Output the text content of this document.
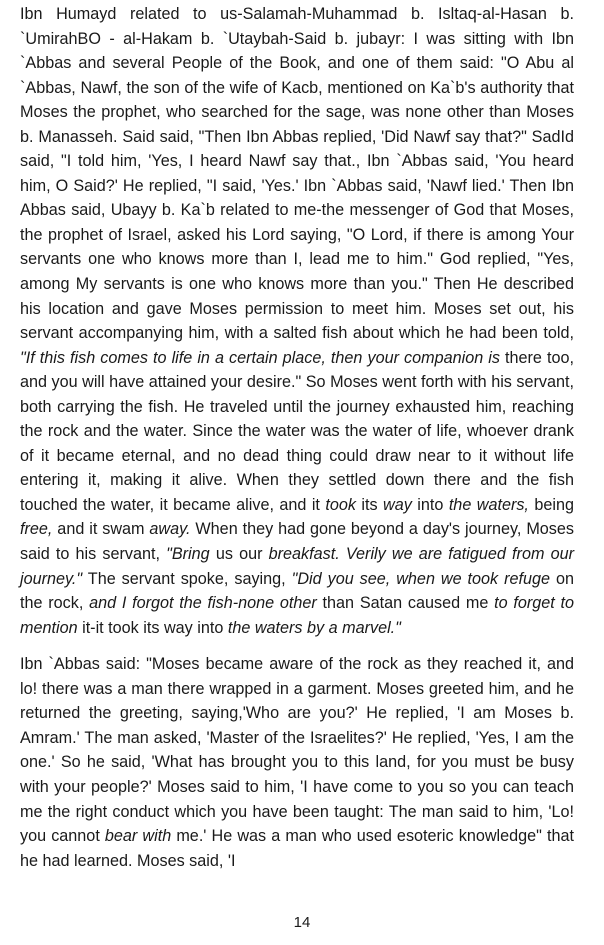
Ibn Humayd related to us-Salamah-Muhammad b. Isltaq-al-Hasan b. `UmirahBO - al-Hakam b. `Utaybah-Said b. jubayr: I was sitting with Ibn `Abbas and several People of the Book, and one of them said: "O Abu al `Abbas, Nawf, the son of the wife of Kacb, mentioned on Ka`b's authority that Moses the prophet, who searched for the sage, was none other than Moses b. Manasseh. Said said, "Then Ibn Abbas replied, 'Did Nawf say that?" SadId said, "I told him, 'Yes, I heard Nawf say that., Ibn `Abbas said, 'You heard him, O Said?' He replied, "I said, 'Yes.' Ibn `Abbas said, 'Nawf lied.' Then Ibn Abbas said, Ubayy b. Ka`b related to me-the messenger of God that Moses, the prophet of Israel, asked his Lord saying, "O Lord, if there is among Your servants one who knows more than I, lead me to him." God replied, "Yes, among My servants is one who knows more than you." Then He described his location and gave Moses permission to meet him. Moses set out, his servant accompanying him, with a salted fish about which he had been told, "If this fish comes to life in a certain place, then your companion is there too, and you will have attained your desire." So Moses went forth with his servant, both carrying the fish. He traveled until the journey exhausted him, reaching the rock and the water. Since the water was the water of life, whoever drank of it became eternal, and no dead thing could draw near to it without life entering it, making it alive. When they settled down there and the fish touched the water, it became alive, and it took its way into the waters, being free, and it swam away. When they had gone beyond a day's journey, Moses said to his servant, "Bring us our breakfast. Verily we are fatigued from our journey." The servant spoke, saying, "Did you see, when we took refuge on the rock, and I forgot the fish-none other than Satan caused me to forget to mention it-it took its way into the waters by a marvel."

Ibn `Abbas said: "Moses became aware of the rock as they reached it, and lo! there was a man there wrapped in a garment. Moses greeted him, and he returned the greeting, saying,'Who are you?' He replied, 'I am Moses b. Amram.' The man asked, 'Master of the Israelites?' He replied, 'Yes, I am the one.' So he said, 'What has brought you to this land, for you must be busy with your people?' Moses said to him, 'I have come to you so you can teach me the right conduct which you have been taught: The man said to him, 'Lo! you cannot bear with me.' He was a man who used esoteric knowledge" that he had learned. Moses said, 'I

14
